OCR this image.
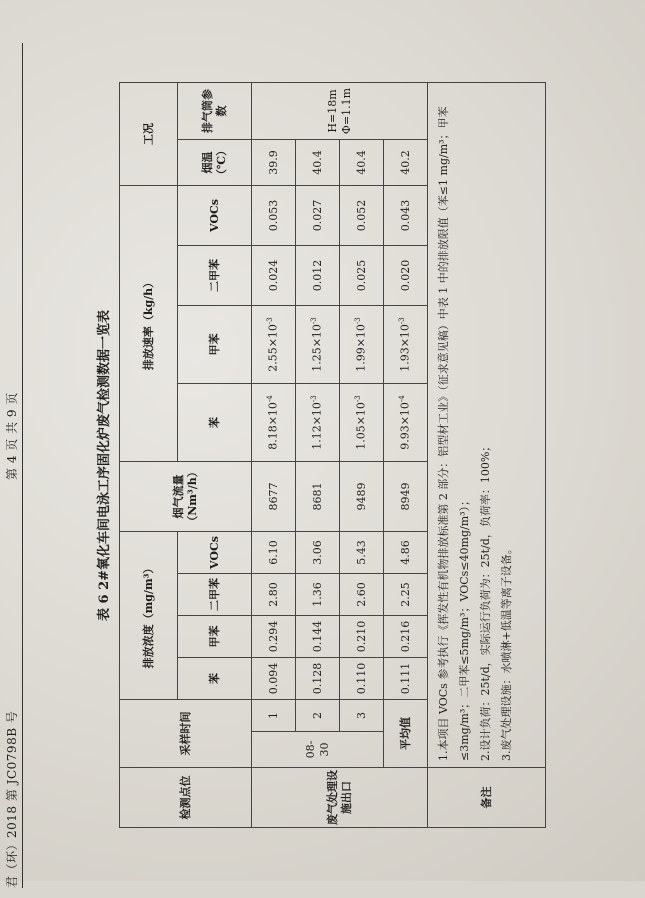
君（环）2018 第 JC0798B 号
第 4 页 共 9 页	表 6 2#氧化车间电泳工序固化炉废气检测数据一览表
检测点位	采样时间		排放浓度（mg/m³）				烟气流量（Nm³/h）	排放速率（kg/h）				工况	
			苯	甲苯	二甲苯	VOCs		苯	甲苯	二甲苯	VOCs	烟温（℃）	排气筒参数
废气处理设施出口	08-30	1	0.094	0.294	2.80	6.10	8677	$8.18\times 10^{-4}$	$2.55\times 10^{-3}$	0.024	0.053	39.9	H=18m Φ=1.1m

		2	0.128	0.144	1.36	3.06	8681	$1.12\times 10^{-3}$	$1.25\times 10^{-3}$	0.012	0.027	40.4	
		3	0.110	0.210	2.60	5.43	9489	$1.05\times 10^{-3}$	$1.99\times 10^{-3}$	0.025	0.052	40.4	
	平均值		0.111	0.216	2.25	4.86	8949	$9.93\times 10^{-4}$	$1.93\times 10^{-3}$	0.020	0.043	40.2	
备注	1.本项目 VOCs 参考执行《挥发性有机物排放标准第 2 部分：铝型材工业》（征求意见稿）中表 1 中的排放限值（苯≤1 mg/m³；甲苯≤3mg/m³；二甲苯≤5mg/m³；VOCs≤40mg/m³）； 2.设计负荷：25t/d，实际运行负荷为：25t/d，负荷率：100%； 3.废气处理设施：水喷淋+低温等离子设备。												
